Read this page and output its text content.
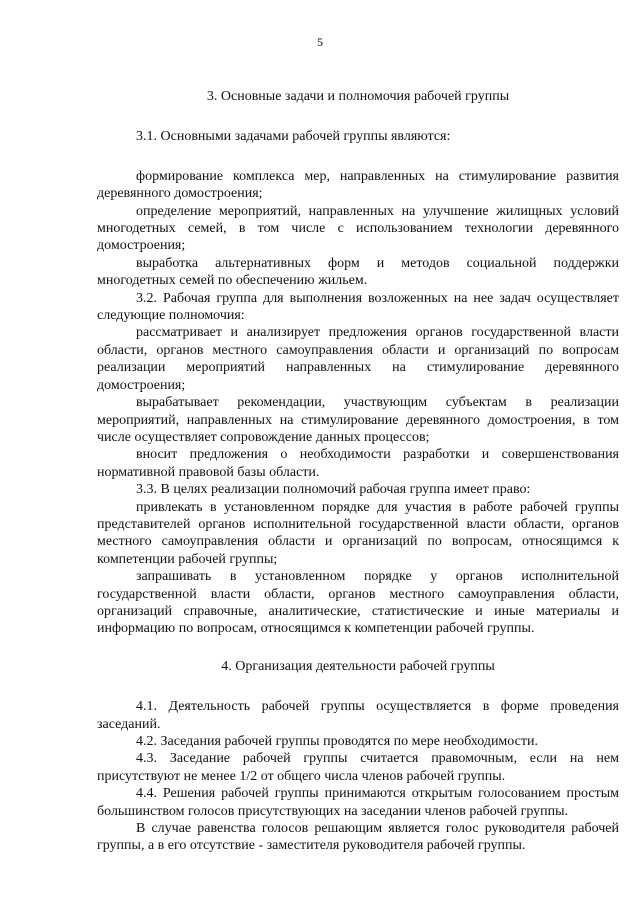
5
3. Основные задачи и полномочия рабочей группы
3.1. Основными задачами рабочей группы являются:

формирование комплекса мер, направленных на стимулирование развития деревянного домостроения;

определение мероприятий, направленных на улучшение жилищных условий многодетных семей, в том числе с использованием технологии деревянного домостроения;

выработка альтернативных форм и методов социальной поддержки многодетных семей по обеспечению жильем.

3.2. Рабочая группа для выполнения возложенных на нее задач осуществляет следующие полномочия:

рассматривает и анализирует предложения органов государственной власти области, органов местного самоуправления области и организаций по вопросам реализации мероприятий направленных на стимулирование деревянного домостроения;

вырабатывает рекомендации, участвующим субъектам в реализации мероприятий, направленных на стимулирование деревянного домостроения, в том числе осуществляет сопровождение данных процессов;

вносит предложения о необходимости разработки и совершенствования нормативной правовой базы области.

3.3. В целях реализации полномочий рабочая группа имеет право:

привлекать в установленном порядке для участия в работе рабочей группы представителей органов исполнительной государственной власти области, органов местного самоуправления области и организаций по вопросам, относящимся к компетенции рабочей группы;

запрашивать в установленном порядке у органов исполнительной государственной власти области, органов местного самоуправления области, организаций справочные, аналитические, статистические и иные материалы и информацию по вопросам, относящимся к компетенции рабочей группы.

4. Организация деятельности рабочей группы

4.1. Деятельность рабочей группы осуществляется в форме проведения заседаний.

4.2. Заседания рабочей группы проводятся по мере необходимости.

4.3. Заседание рабочей группы считается правомочным, если на нем присутствуют не менее 1/2 от общего числа членов рабочей группы.

4.4. Решения рабочей группы принимаются открытым голосованием простым большинством голосов присутствующих на заседании членов рабочей группы.

В случае равенства голосов решающим является голос руководителя рабочей группы, а в его отсутствие - заместителя руководителя рабочей группы.
